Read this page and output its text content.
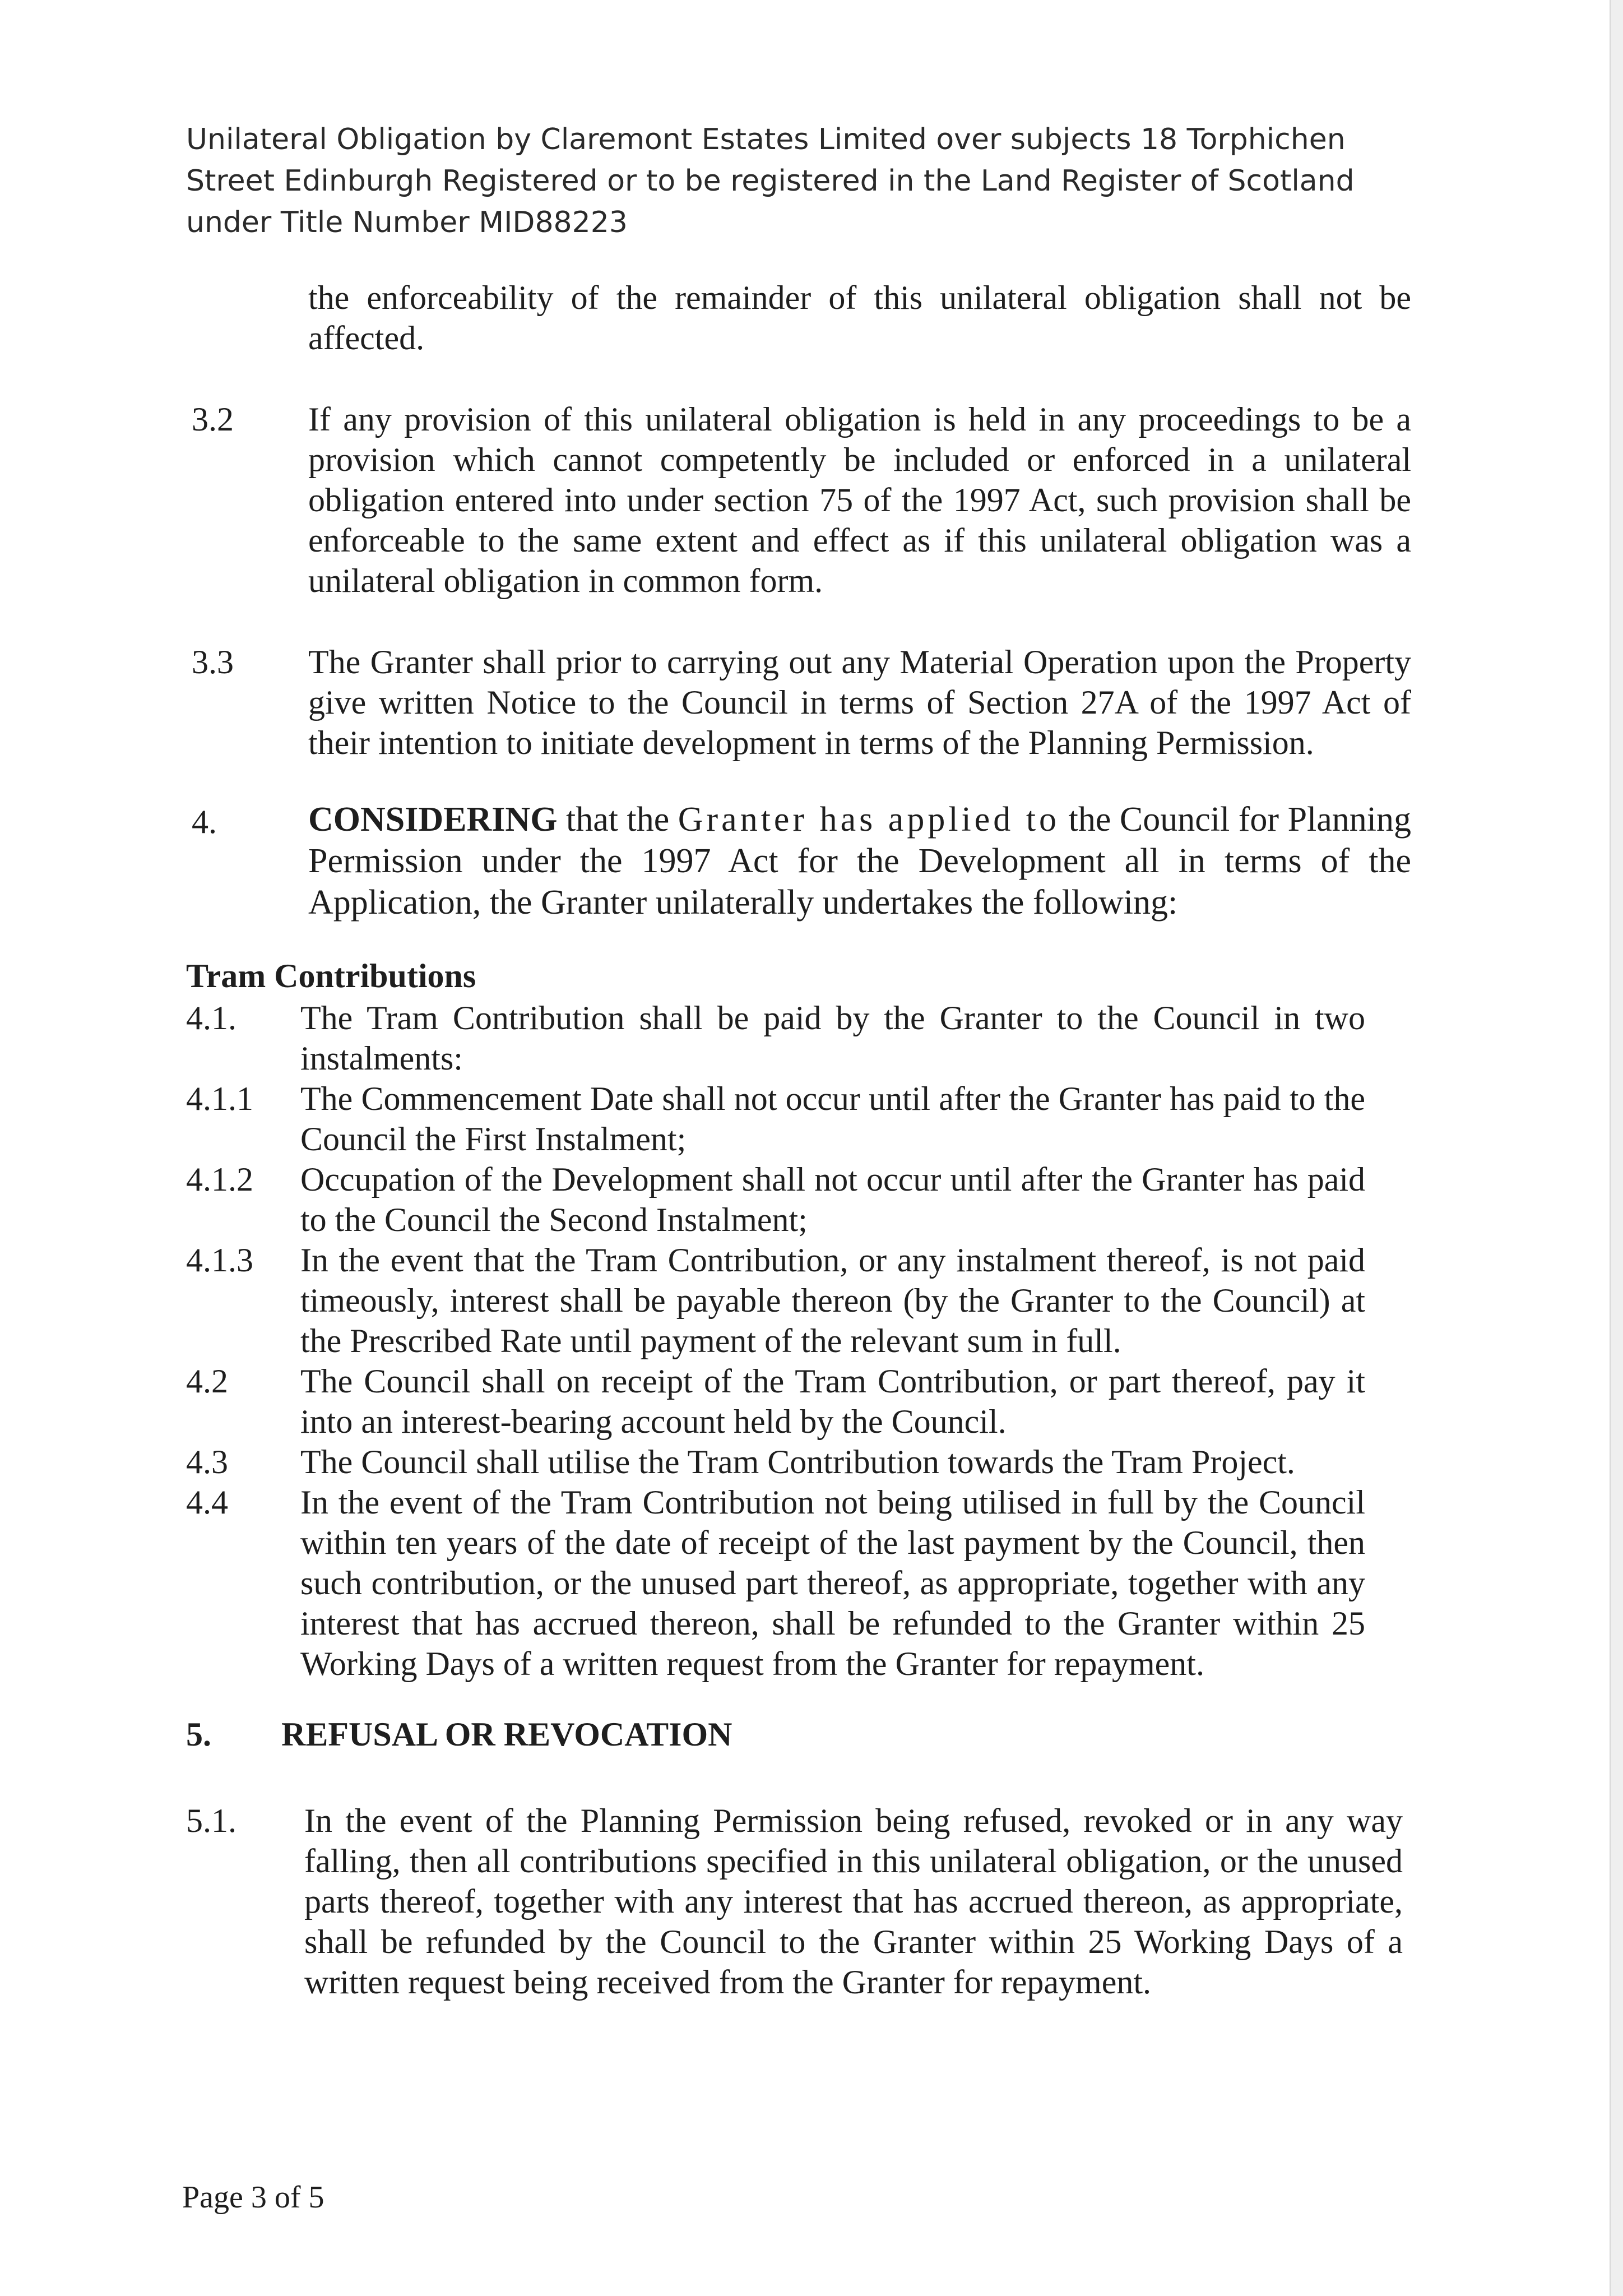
Unilateral Obligation by Claremont Estates Limited over subjects 18 Torphichen Street Edinburgh Registered or to be registered in the Land Register of Scotland under Title Number MID88223

the enforceability of the remainder of this unilateral obligation shall not be affected.

3.2 If any provision of this unilateral obligation is held in any proceedings to be a provision which cannot competently be included or enforced in a unilateral obligation entered into under section 75 of the 1997 Act, such provision shall be enforceable to the same extent and effect as if this unilateral obligation was a unilateral obligation in common form.

3.3 The Granter shall prior to carrying out any Material Operation upon the Property give written Notice to the Council in terms of Section 27A of the 1997 Act of their intention to initiate development in terms of the Planning Permission.

4.	CONSIDERING that the Granter has applied to the Council for Planning Permission under the 1997 Act for the Development all in terms of the Application, the Granter unilaterally undertakes the following:

Tram Contributions

4.1. The Tram Contribution shall be paid by the Granter to the Council in two instalments:

4.1.1 The Commencement Date shall not occur until after the Granter has paid to the Council the First Instalment;

4.1.2 Occupation of the Development shall not occur until after the Granter has paid to the Council the Second Instalment;

4.1.3 In the event that the Tram Contribution, or any instalment thereof, is not paid timeously, interest shall be payable thereon (by the Granter to the Council) at the Prescribed Rate until payment of the relevant sum in full.

4.2 The Council shall on receipt of the Tram Contribution, or part thereof, pay it into an interest-bearing account held by the Council.

4.3 The Council shall utilise the Tram Contribution towards the Tram Project.

4.4 In the event of the Tram Contribution not being utilised in full by the Council within ten years of the date of receipt of the last payment by the Council, then such contribution, or the unused part thereof, as appropriate, together with any interest that has accrued thereon, shall be refunded to the Granter within 25 Working Days of a written request from the Granter for repayment.

5. REFUSAL OR REVOCATION

5.1. In the event of the Planning Permission being refused, revoked or in any way falling, then all contributions specified in this unilateral obligation, or the unused parts thereof, together with any interest that has accrued thereon, as appropriate, shall be refunded by the Council to the Granter within 25 Working Days of a written request being received from the Granter for repayment.

Page 3 of 5
